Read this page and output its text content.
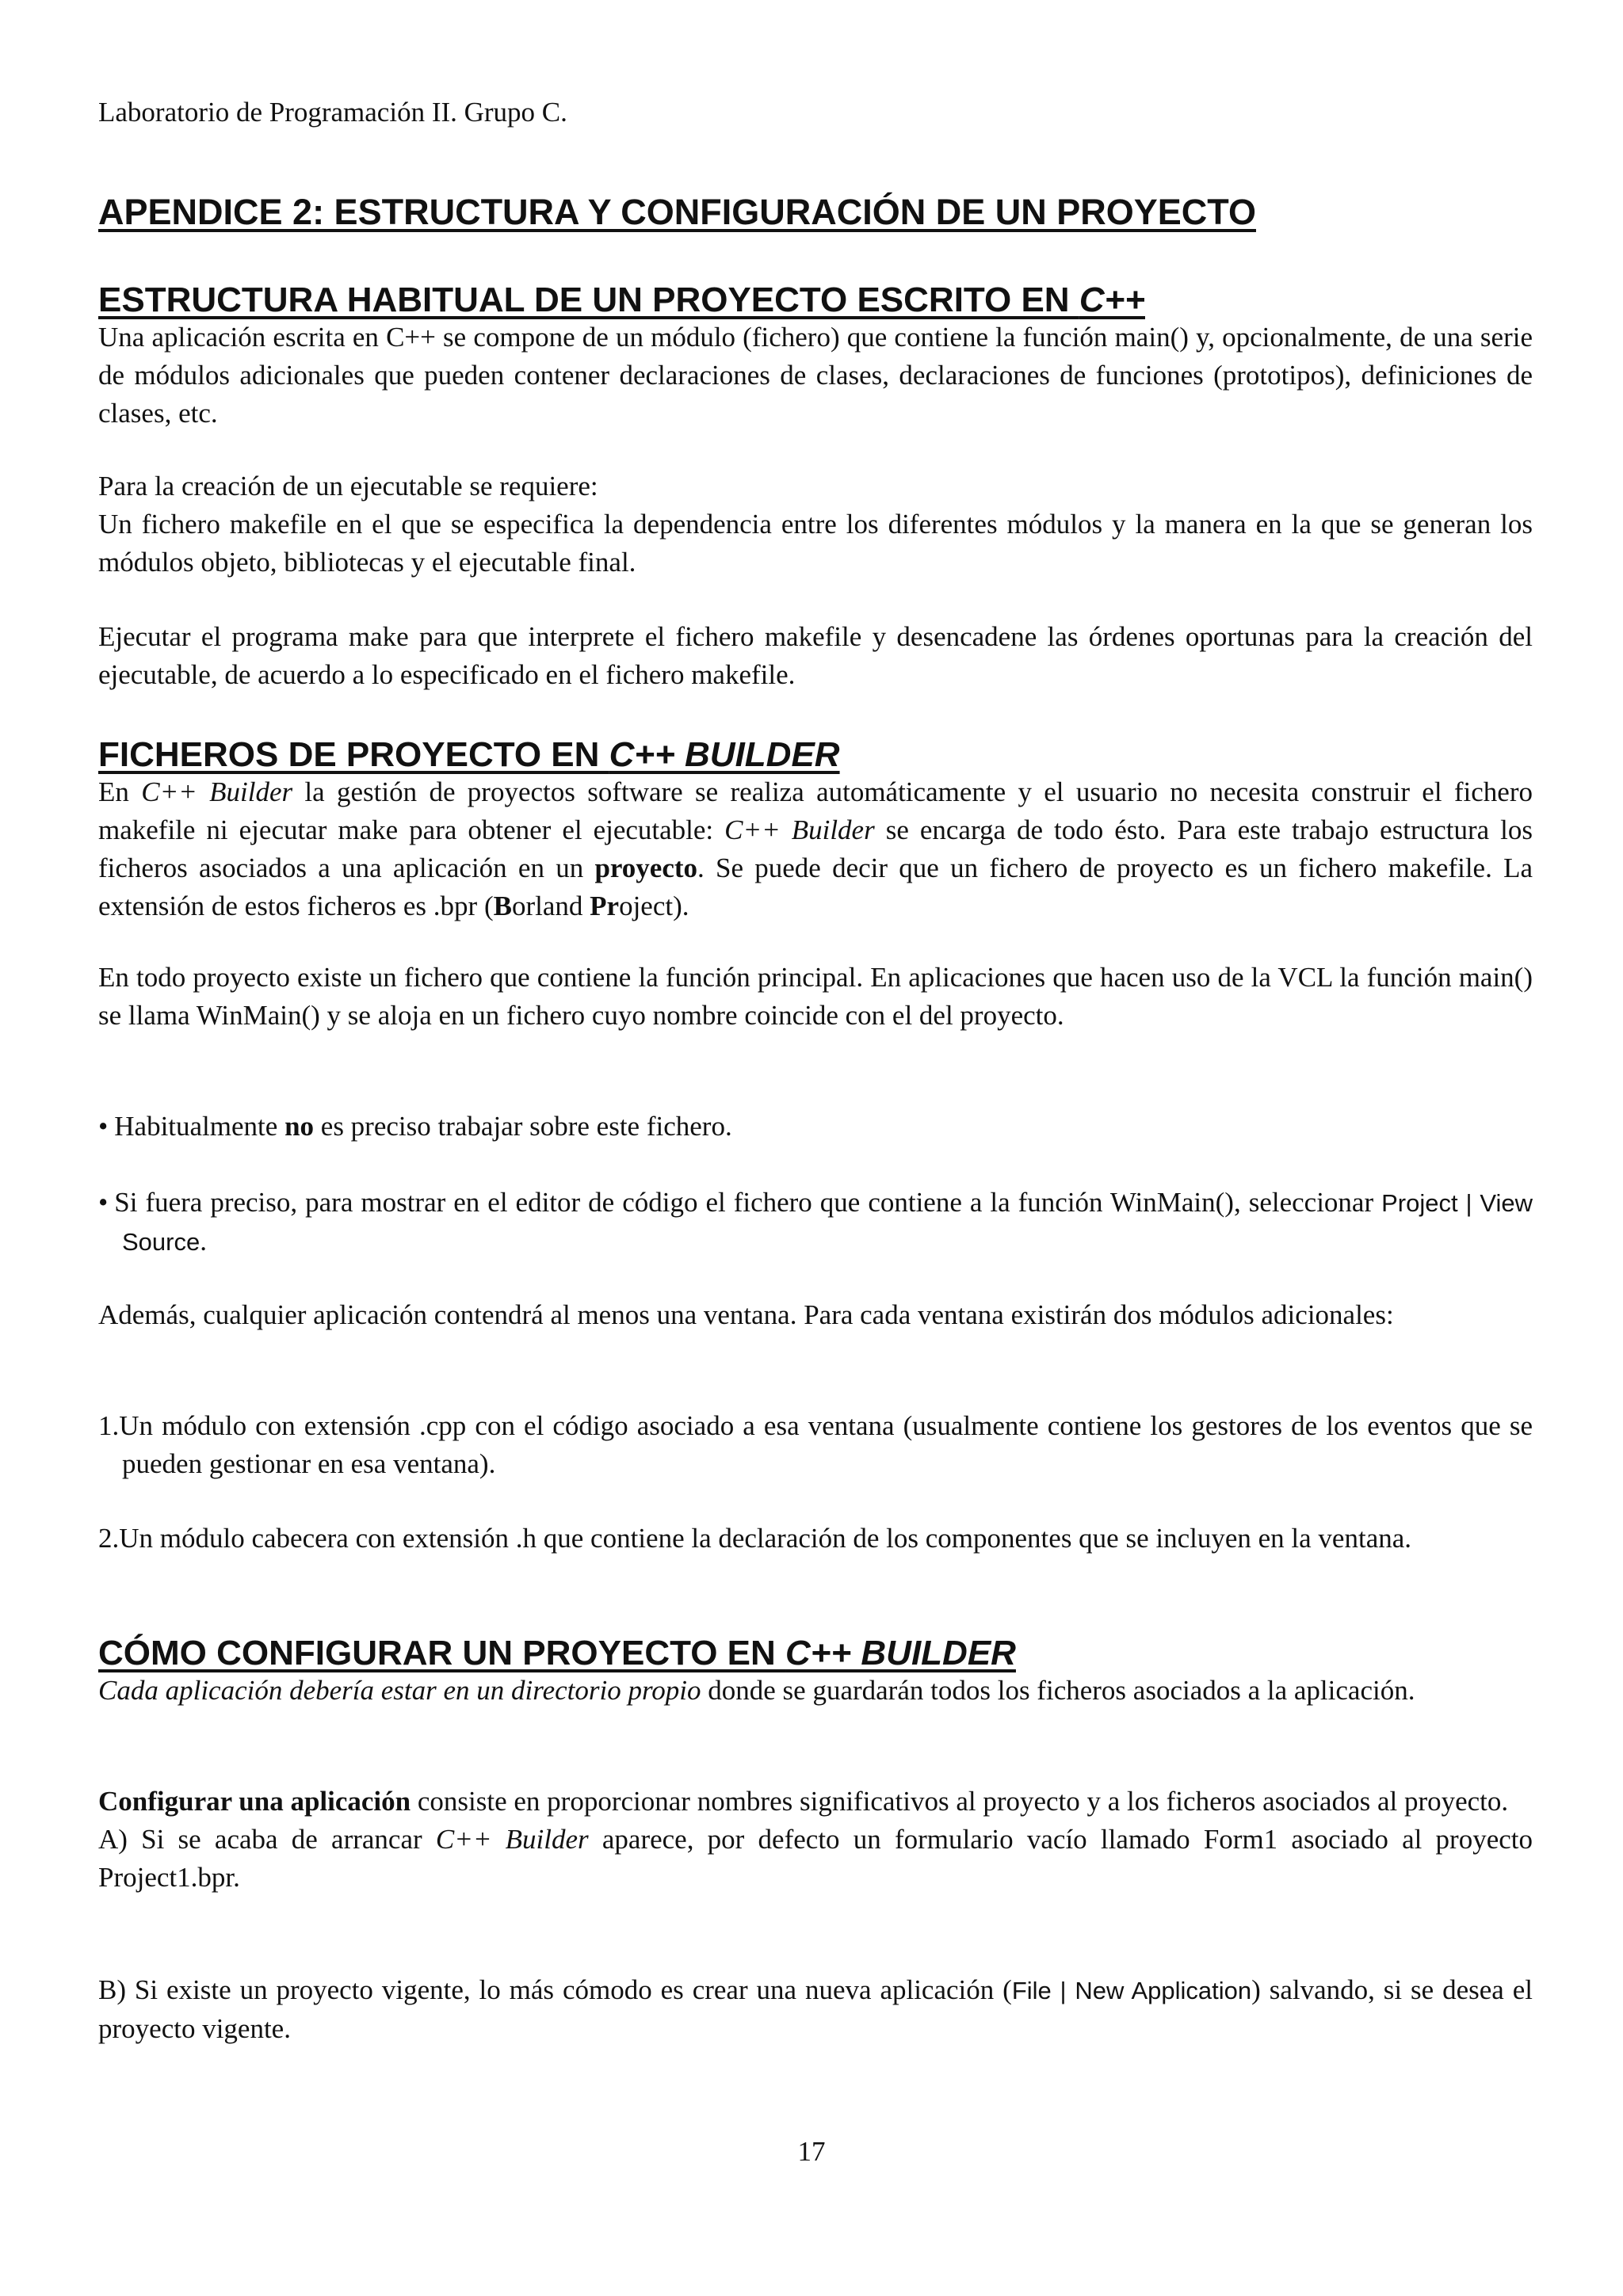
Laboratorio de Programación II. Grupo C.
APENDICE 2: ESTRUCTURA Y CONFIGURACIÓN DE UN PROYECTO
ESTRUCTURA HABITUAL DE UN PROYECTO ESCRITO EN C++

Una aplicación escrita en C++ se compone de un módulo (fichero) que contiene la función main() y, opcionalmente, de una serie de módulos adicionales que pueden contener declaraciones de clases, declaraciones de funciones (prototipos), definiciones de clases, etc.

Para la creación de un ejecutable se requiere:

Un fichero makefile en el que se especifica la dependencia entre los diferentes módulos y la manera en la que se generan los módulos objeto, bibliotecas y el ejecutable final.

Ejecutar el programa make para que interprete el fichero makefile y desencadene las órdenes oportunas para la creación del ejecutable, de acuerdo a lo especificado en el fichero makefile.

FICHEROS DE PROYECTO EN C++ BUILDER

En C++ Builder la gestión de proyectos software se realiza automáticamente y el usuario no necesita construir el fichero makefile ni ejecutar make para obtener el ejecutable: C++ Builder se encarga de todo ésto. Para este trabajo estructura los ficheros asociados a una aplicación en un proyecto. Se puede decir que un fichero de proyecto es un fichero makefile. La extensión de estos ficheros es .bpr (Borland Project).

En todo proyecto existe un fichero que contiene la función principal. En aplicaciones que hacen uso de la VCL la función main() se llama WinMain() y se aloja en un fichero cuyo nombre coincide con el del proyecto.

• Habitualmente no es preciso trabajar sobre este fichero.
• Si fuera preciso, para mostrar en el editor de código el fichero que contiene a la función WinMain(), seleccionar Project | View Source.

Además, cualquier aplicación contendrá al menos una ventana. Para cada ventana existirán dos módulos adicionales:

1.Un módulo con extensión .cpp con el código asociado a esa ventana (usualmente contiene los gestores de los eventos que se pueden gestionar en esa ventana).
2.Un módulo cabecera con extensión .h que contiene la declaración de los componentes que se incluyen en la ventana.
CÓMO CONFIGURAR UN PROYECTO EN C++ BUILDER

Cada aplicación debería estar en un directorio propio donde se guardarán todos los ficheros asociados a la aplicación.

Configurar una aplicación consiste en proporcionar nombres significativos al proyecto y a los ficheros asociados al proyecto.

A) Si se acaba de arrancar C++ Builder aparece, por defecto un formulario vacío llamado Form1 asociado al proyecto Project1.bpr.

B) Si existe un proyecto vigente, lo más cómodo es crear una nueva aplicación (File | New Application) salvando, si se desea el proyecto vigente.

17
